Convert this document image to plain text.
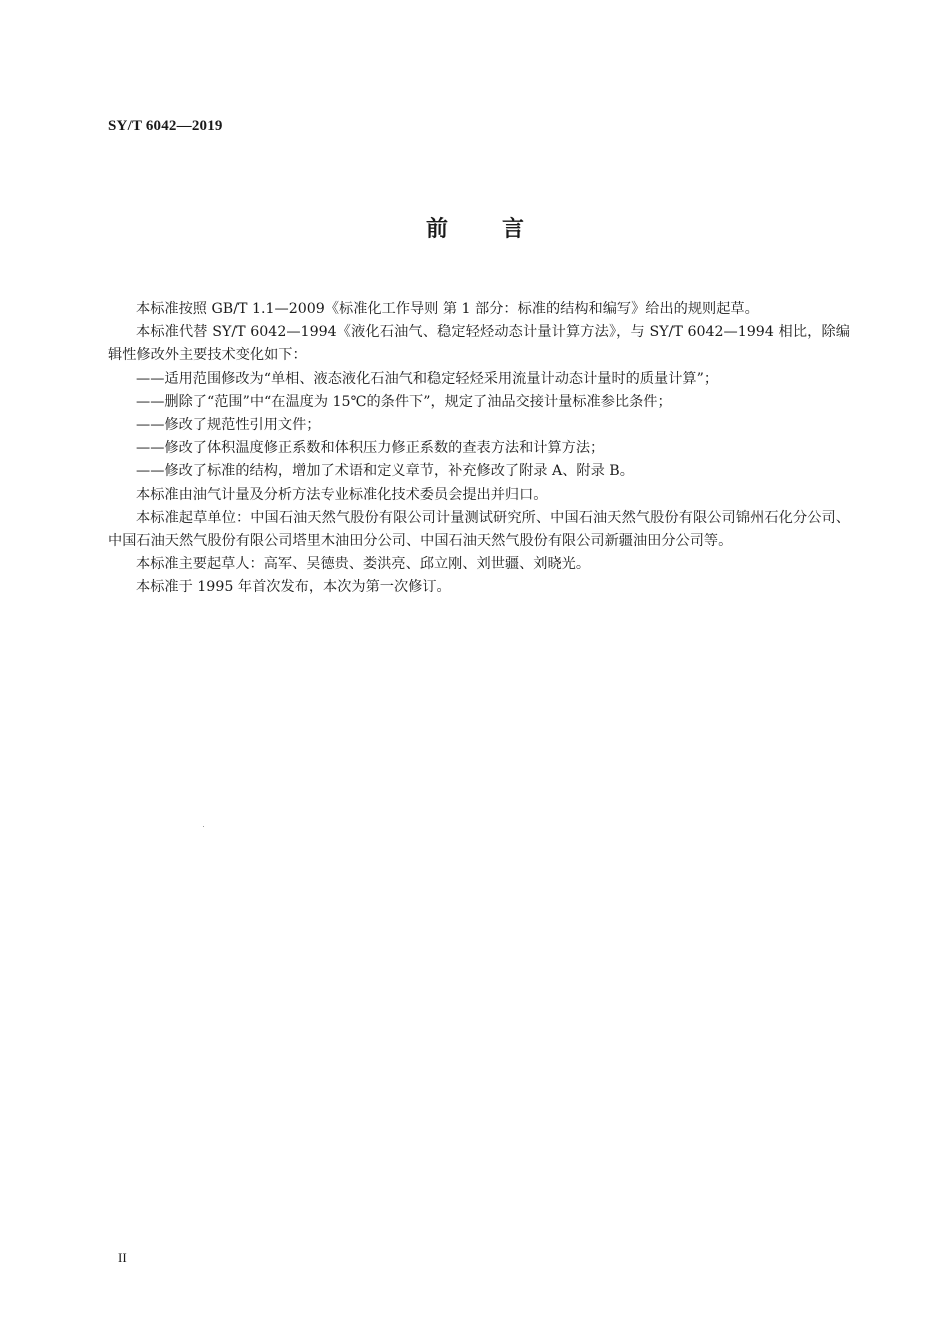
SY/T 6042—2019
前 言

本标准按照 GB/T 1.1—2009《标准化工作导则 第 1 部分：标准的结构和编写》给出的规则起草。

本标准代替 SY/T 6042—1994《液化石油气、稳定轻烃动态计量计算方法》，与 SY/T 6042—1994 相比，除编辑性修改外主要技术变化如下：

——适用范围修改为“单相、液态液化石油气和稳定轻烃采用流量计动态计量时的质量计算”；

——删除了“范围”中“在温度为 15℃的条件下”，规定了油品交接计量标准参比条件；

——修改了规范性引用文件；

——修改了体积温度修正系数和体积压力修正系数的查表方法和计算方法；

——修改了标准的结构，增加了术语和定义章节，补充修改了附录 A、附录 B。

本标准由油气计量及分析方法专业标准化技术委员会提出并归口。

本标准起草单位：中国石油天然气股份有限公司计量测试研究所、中国石油天然气股份有限公司锦州石化分公司、中国石油天然气股份有限公司塔里木油田分公司、中国石油天然气股份有限公司新疆油田分公司等。

本标准主要起草人：高军、吴德贵、娄洪亮、邱立刚、刘世疆、刘晓光。

本标准于 1995 年首次发布，本次为第一次修订。

II
